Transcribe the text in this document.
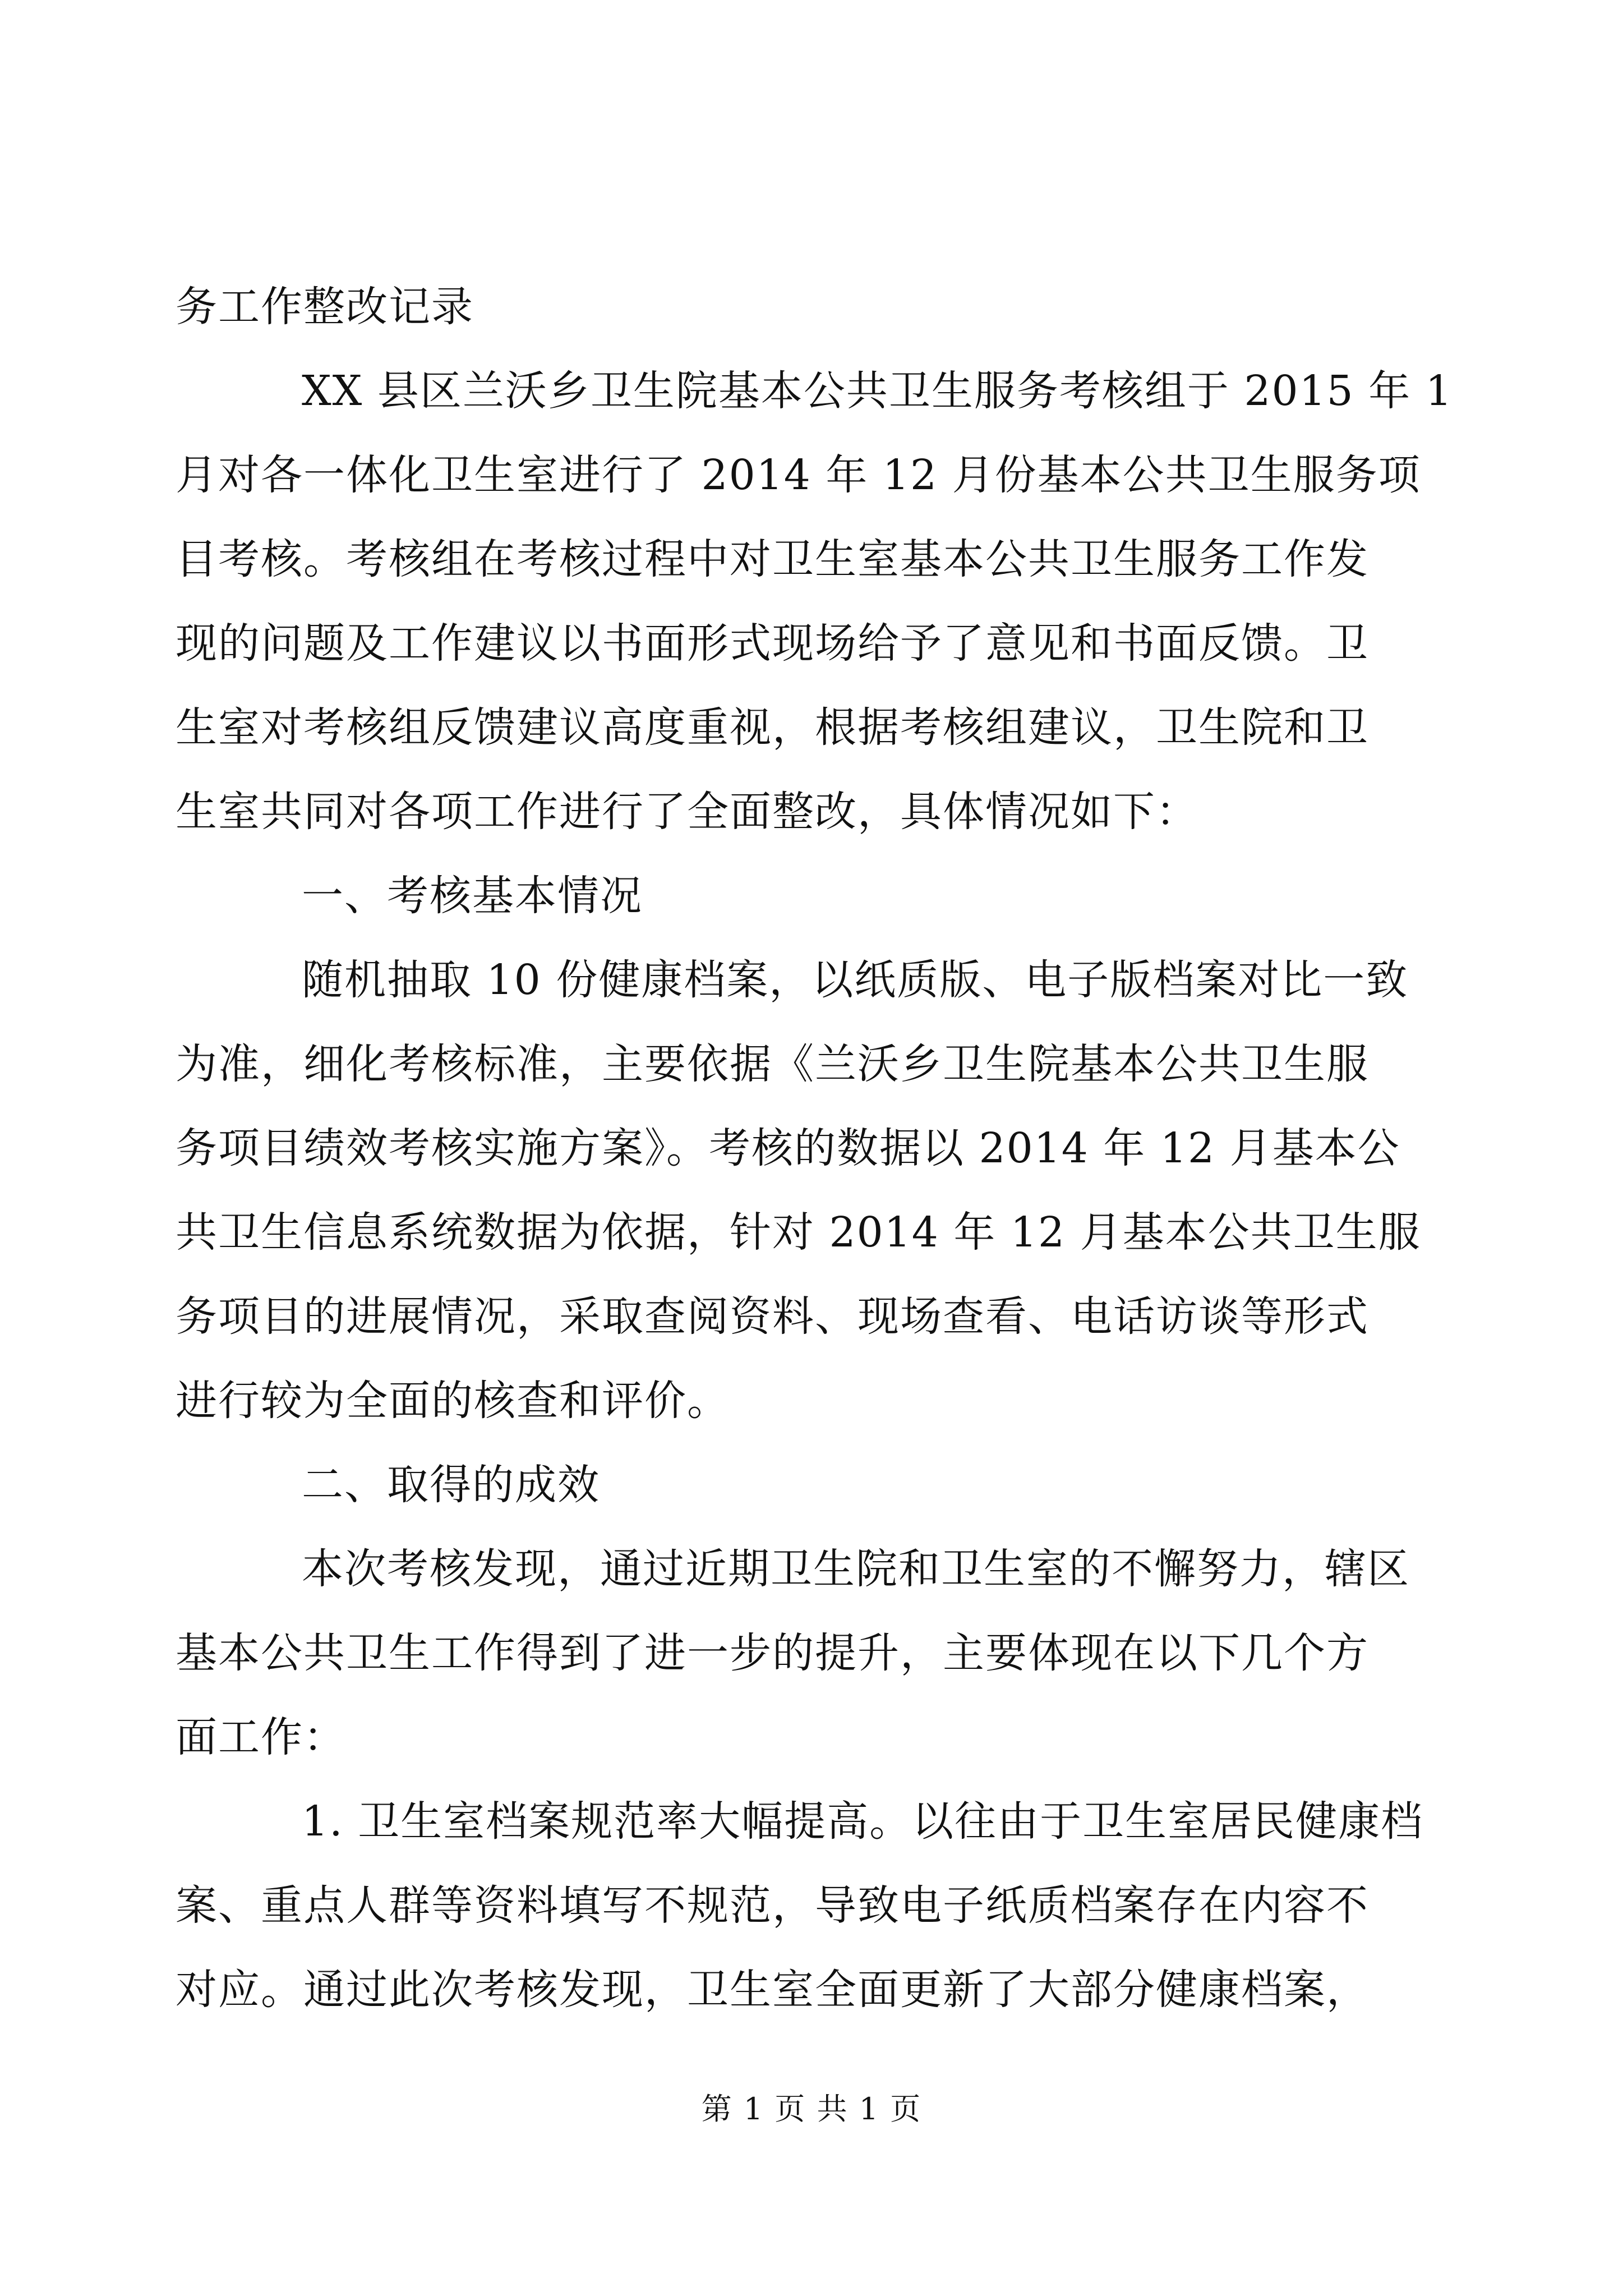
务工作整改记录
XX 县区兰沃乡卫生院基本公共卫生服务考核组于 2015 年 1
月对各一体化卫生室进行了 2014 年 12 月份基本公共卫生服务项
目考核。考核组在考核过程中对卫生室基本公共卫生服务工作发
现的问题及工作建议以书面形式现场给予了意见和书面反馈。卫
生室对考核组反馈建议高度重视，根据考核组建议，卫生院和卫
生室共同对各项工作进行了全面整改，具体情况如下：
一、考核基本情况
随机抽取 10 份健康档案，以纸质版、电子版档案对比一致
为准，细化考核标准，主要依据《兰沃乡卫生院基本公共卫生服
务项目绩效考核实施方案》。考核的数据以 2014 年 12 月基本公
共卫生信息系统数据为依据，针对 2014 年 12 月基本公共卫生服
务项目的进展情况，采取查阅资料、现场查看、电话访谈等形式
进行较为全面的核查和评价。
二、取得的成效
本次考核发现，通过近期卫生院和卫生室的不懈努力，辖区
基本公共卫生工作得到了进一步的提升，主要体现在以下几个方
面工作：
1. 卫生室档案规范率大幅提高。以往由于卫生室居民健康档
案、重点人群等资料填写不规范，导致电子纸质档案存在内容不
对应。通过此次考核发现，卫生室全面更新了大部分健康档案，
第 1 页 共 1 页
